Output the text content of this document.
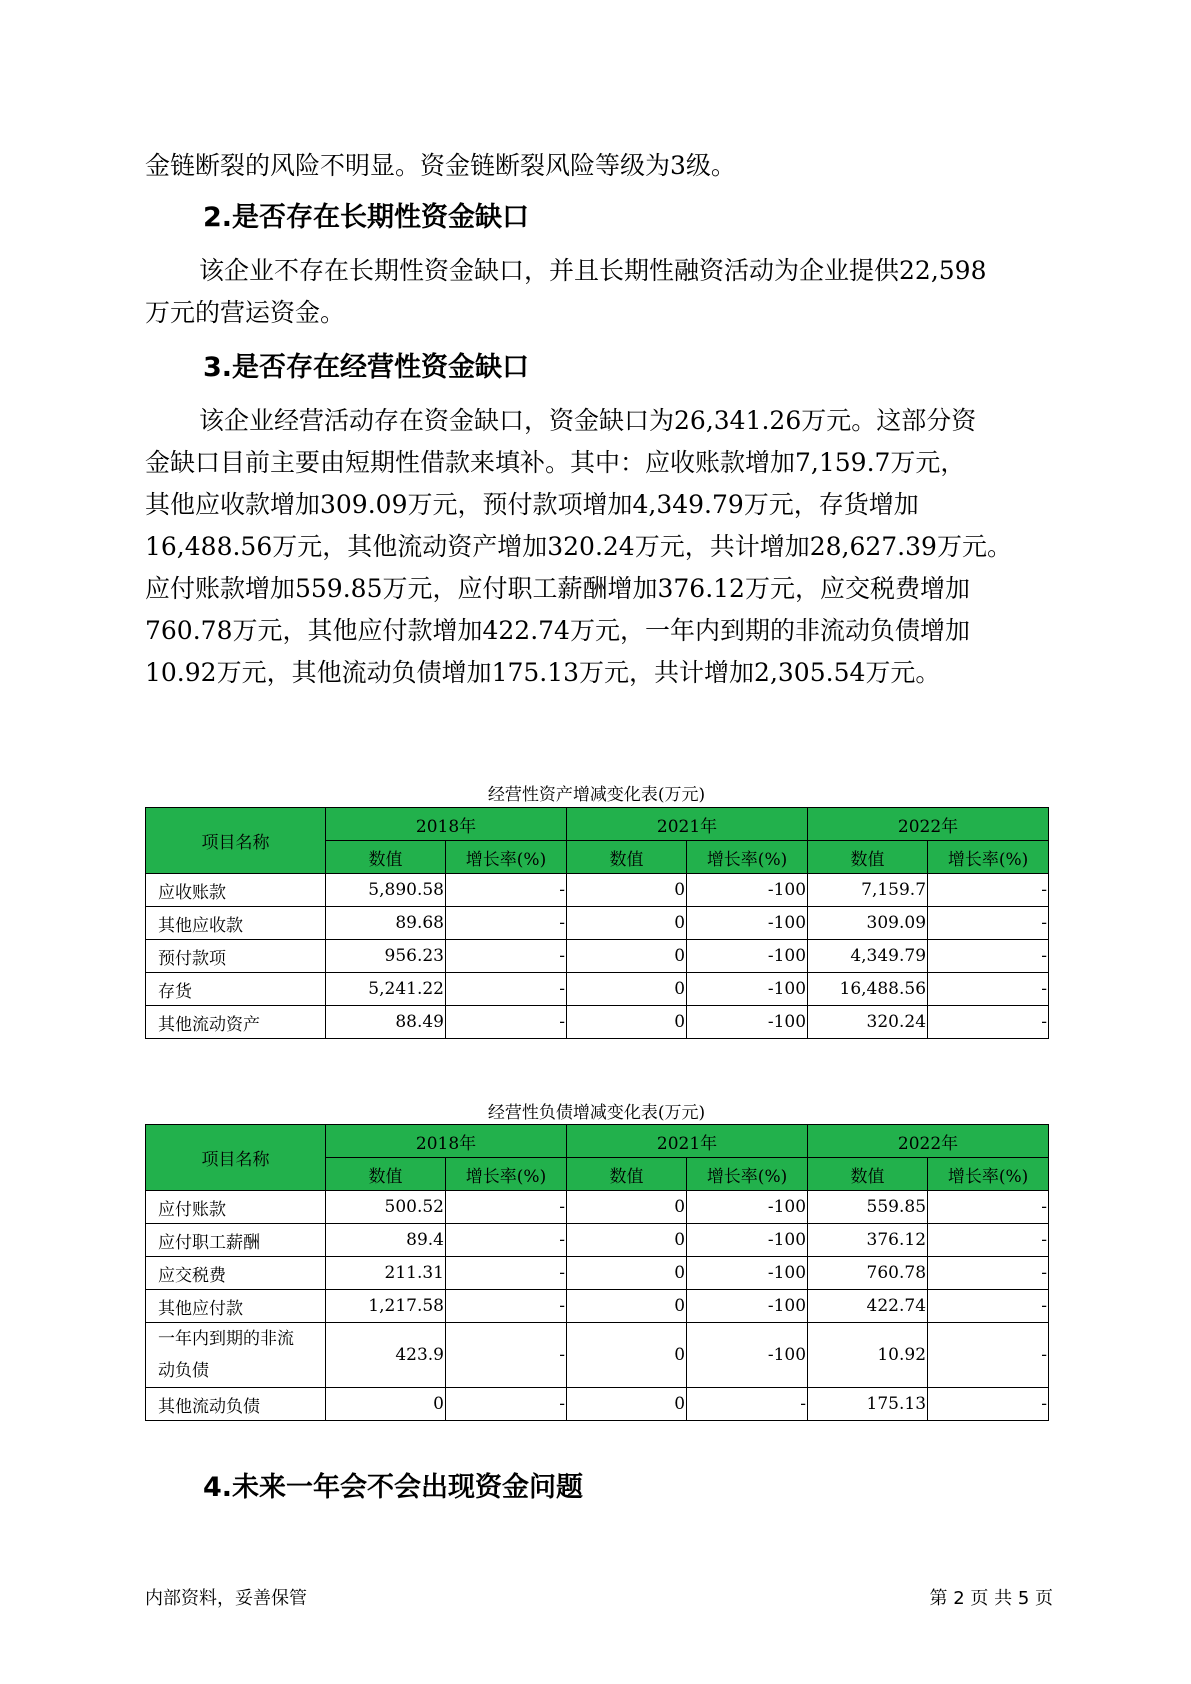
金链断裂的风险不明显。资金链断裂风险等级为3级。
2.是否存在长期性资金缺口
该企业不存在长期性资金缺口，并且长期性融资活动为企业提供22,598
万元的营运资金。
3.是否存在经营性资金缺口
该企业经营活动存在资金缺口，资金缺口为26,341.26万元。这部分资
金缺口目前主要由短期性借款来填补。其中：应收账款增加7,159.7万元，
其他应收款增加309.09万元，预付款项增加4,349.79万元，存货增加
16,488.56万元，其他流动资产增加320.24万元，共计增加28,627.39万元。
应付账款增加559.85万元，应付职工薪酬增加376.12万元，应交税费增加
760.78万元，其他应付款增加422.74万元，一年内到期的非流动负债增加
10.92万元，其他流动负债增加175.13万元，共计增加2,305.54万元。
经营性资产增减变化表(万元)
项目名称	2018年		2021年		2022年	
	数值	增长率(%)	数值	增长率(%)	数值	增长率(%)
应收账款	5,890.58	-	0	-100	7,159.7	-
其他应收款	89.68	-	0	-100	309.09	-
预付款项	956.23	-	0	-100	4,349.79	-
存货	5,241.22	-	0	-100	16,488.56	-
其他流动资产	88.49	-	0	-100	320.24	-
经营性负债增减变化表(万元)
项目名称	2018年		2021年		2022年	
	数值	增长率(%)	数值	增长率(%)	数值	增长率(%)
应付账款	500.52	-	0	-100	559.85	-
应付职工薪酬	89.4	-	0	-100	376.12	-
应交税费	211.31	-	0	-100	760.78	-
其他应付款	1,217.58	-	0	-100	422.74	-
一年内到期的非流
动负债	423.9	-	0	-100	10.92	-
其他流动负债	0	-	0	-	175.13	-
4.未来一年会不会出现资金问题
内部资料，妥善保管	第 2 页 共 5 页
